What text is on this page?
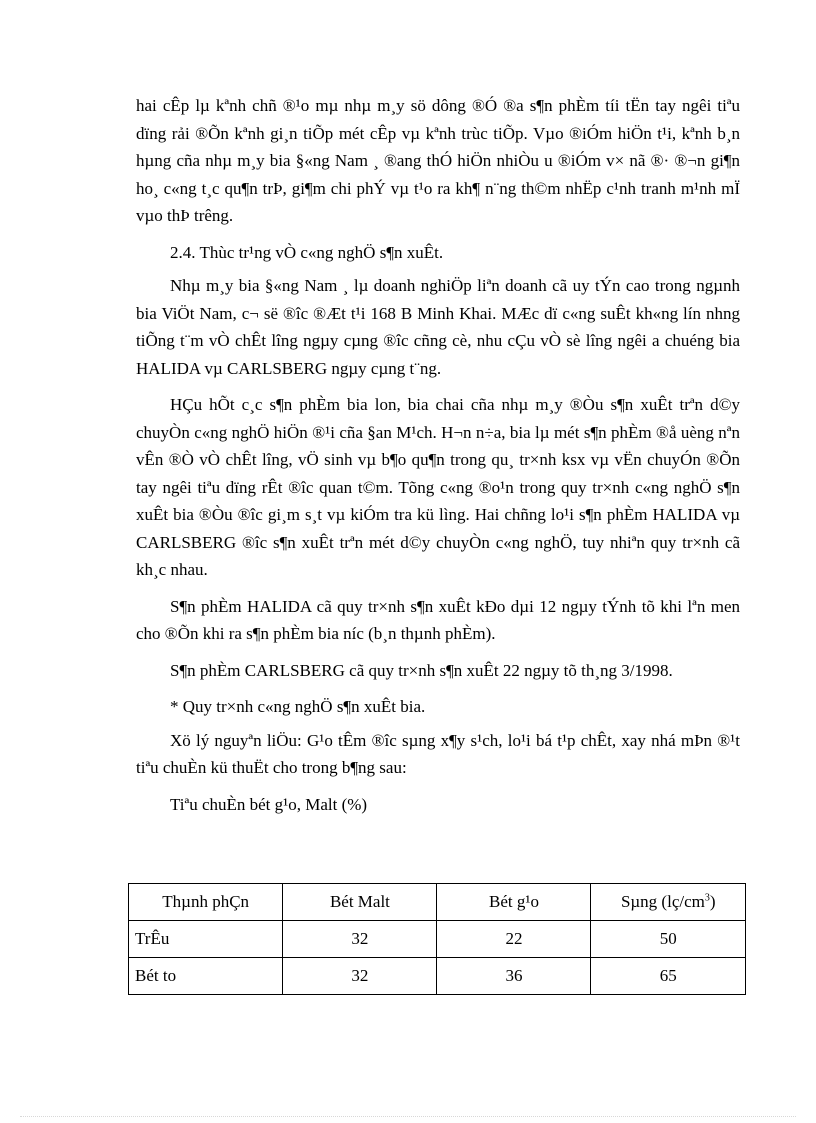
hai cÊp lµ kªnh chñ ®¹o mµ nhµ m¸y sö dông ®Ó ®a s¶n phÈm tíi tËn tay ngêi tiªu dïng rải ®Õn kªnh gi¸n tiÕp mét cÊp vµ kªnh trùc tiÕp. Vµo ®iÓm hiÖn t¹i, kªnh b¸n hµng cña nhµ m¸y bia §«ng Nam ¸ ®ang thÓ hiÖn nhiÒu u ®iÓm v× nã ®· ®¬n gi¶n ho¸ c«ng t¸c qu¶n trÞ, gi¶m chi phÝ vµ t¹o ra kh¶ n¨ng th©m nhËp c¹nh tranh m¹nh mÏ vµo thÞ trêng.

2.4. Thùc tr¹ng vÒ c«ng nghÖ s¶n xuÊt.

Nhµ m¸y bia §«ng Nam ¸ lµ doanh nghiÖp liªn doanh cã uy tÝn cao trong ngµnh bia ViÖt Nam, c¬ së ®îc ®Æt t¹i 168 B Minh Khai. MÆc dï c«ng suÊt kh«ng lín nhng tiÕng t¨m vÒ chÊt lîng ngµy cµng ®îc cñng cè, nhu cÇu vÒ sè lîng ngêi a chuéng bia HALIDA vµ CARLSBERG ngµy cµng t¨ng.

HÇu hÕt c¸c s¶n phÈm bia lon, bia chai cña nhµ m¸y ®Òu s¶n xuÊt trªn d©y chuyÒn c«ng nghÖ hiÖn ®¹i cña §an M¹ch. H¬n n÷a, bia lµ mét s¶n phÈm ®å uèng nªn vÊn ®Ò vÒ chÊt lîng, vÖ sinh vµ b¶o qu¶n trong qu¸ tr×nh ksx vµ vËn chuyÓn ®Õn tay ngêi tiªu dïng rÊt ®îc quan t©m. Tõng c«ng ®o¹n trong quy tr×nh c«ng nghÖ s¶n xuÊt bia ®Òu ®îc gi¸m s¸t vµ kiÓm tra kü lìng. Hai chñng lo¹i s¶n phÈm HALIDA vµ CARLSBERG ®îc s¶n xuÊt trªn mét d©y chuyÒn c«ng nghÖ, tuy nhiªn quy tr×nh cã kh¸c nhau.

S¶n phÈm HALIDA cã quy tr×nh s¶n xuÊt kÐo dµi 12 ngµy tÝnh tõ khi lªn men cho ®Õn khi ra s¶n phÈm bia níc (b¸n thµnh phÈm).

S¶n phÈm CARLSBERG cã quy tr×nh s¶n xuÊt 22 ngµy tõ th¸ng 3/1998.

* Quy tr×nh c«ng nghÖ s¶n xuÊt bia.

Xö lý nguyªn liÖu: G¹o tÊm ®îc sµng x¶y s¹ch, lo¹i bá t¹p chÊt, xay nhá mÞn ®¹t tiªu chuÈn kü thuËt cho trong b¶ng sau:

Tiªu chuÈn bét g¹o, Malt (%)

Thµnh phÇn	Bét Malt	Bét g¹o	Sµng $(lç/cm^3)$
TrÊu	32	22	50
Bét to	32	36	65
